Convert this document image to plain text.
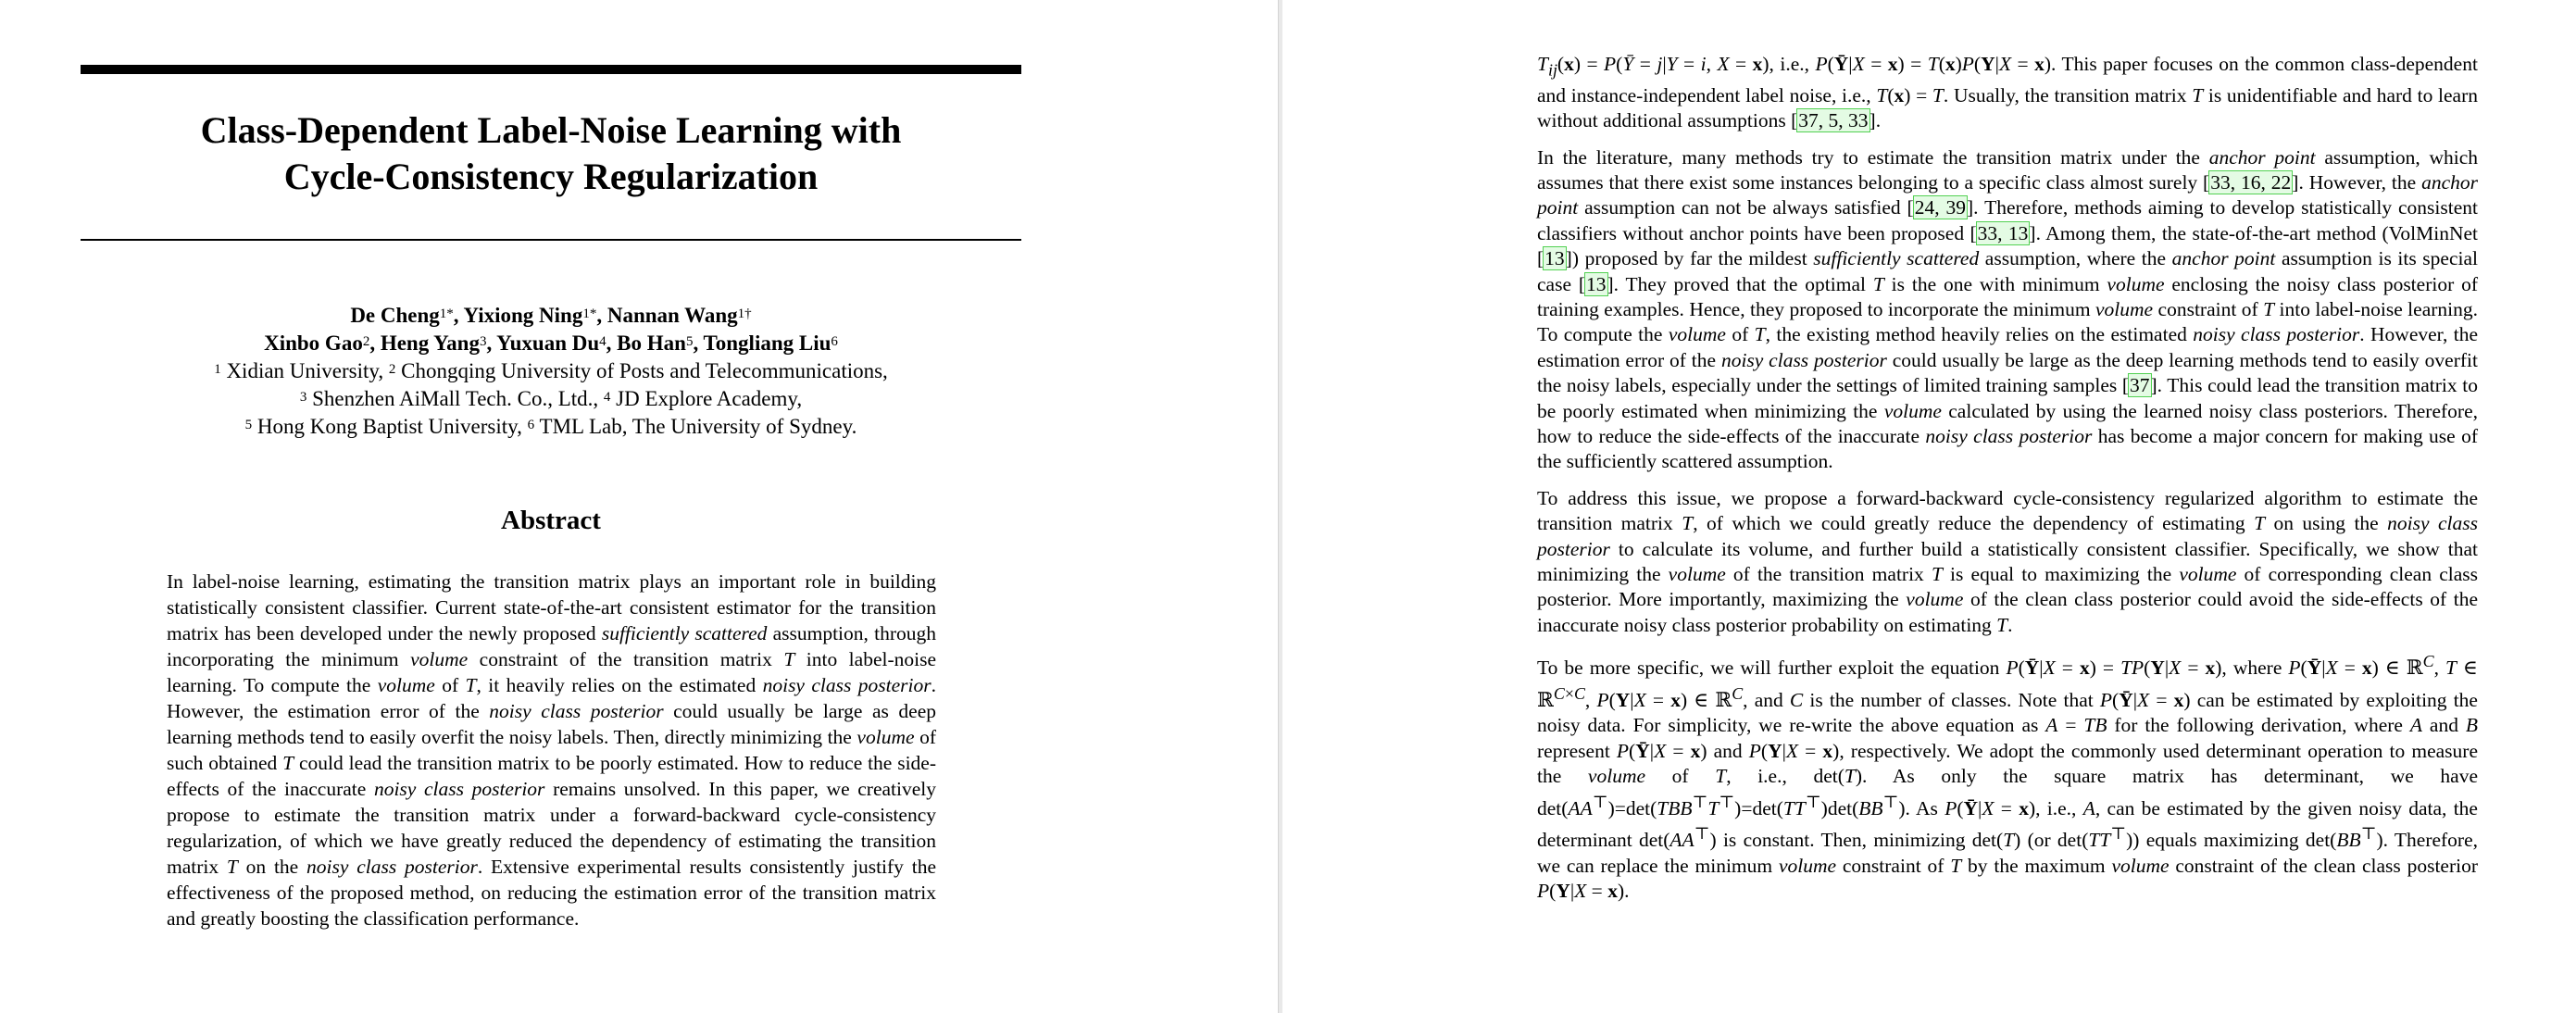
Class-Dependent Label-Noise Learning with
Cycle-Consistency Regularization
De Cheng$^{1*}$, Yixiong Ning$^{1*}$, Nannan Wang$^{1\dagger}$
Xinbo Gao$^2$, Heng Yang$^3$, Yuxuan Du$^4$, Bo Han$^5$, Tongliang Liu$^6$
$^1$ Xidian University, $^2$ Chongqing University of Posts and Telecommunications,
$^3$ Shenzhen AiMall Tech. Co., Ltd., $^4$ JD Explore Academy,
$^5$ Hong Kong Baptist University, $^6$ TML Lab, The University of Sydney.
Abstract
In label-noise learning, estimating the transition matrix plays an important role in building statistically consistent classifier. Current state-of-the-art consistent estimator for the transition matrix has been developed under the newly proposed sufficiently scattered assumption, through incorporating the minimum volume constraint of the transition matrix T into label-noise learning. To compute the volume of T, it heavily relies on the estimated noisy class posterior. However, the estimation error of the noisy class posterior could usually be large as deep learning methods tend to easily overfit the noisy labels. Then, directly minimizing the volume of such obtained T could lead the transition matrix to be poorly estimated. How to reduce the side-effects of the inaccurate noisy class posterior remains unsolved. In this paper, we creatively propose to estimate the transition matrix under a forward-backward cycle-consistency regularization, of which we have greatly reduced the dependency of estimating the transition matrix T on the noisy class posterior. Extensive experimental results consistently justify the effectiveness of the proposed method, on reducing the estimation error of the transition matrix and greatly boosting the classification performance.

$T_{ij}(x)$ = P(Ȳ = j|Y = i, X = x), i.e., P(Ȳ|X = x) = T(x)P(Y|X = x). This paper focuses on the common class-dependent and instance-independent label noise, i.e., T(x) = T. Usually, the transition matrix T is unidentifiable and hard to learn without additional assumptions [37, 5, 33].

In the literature, many methods try to estimate the transition matrix under the anchor point assumption, which assumes that there exist some instances belonging to a specific class almost surely [33, 16, 22]. However, the anchor point assumption can not be always satisfied [24, 39]. Therefore, methods aiming to develop statistically consistent classifiers without anchor points have been proposed [33, 13]. Among them, the state-of-the-art method (VolMinNet [13]) proposed by far the mildest sufficiently scattered assumption, where the anchor point assumption is its special case [13]. They proved that the optimal T is the one with minimum volume enclosing the noisy class posterior of training examples. Hence, they proposed to incorporate the minimum volume constraint of T into label-noise learning. To compute the volume of T, the existing method heavily relies on the estimated noisy class posterior. However, the estimation error of the noisy class posterior could usually be large as the deep learning methods tend to easily overfit the noisy labels, especially under the settings of limited training samples [37]. This could lead the transition matrix to be poorly estimated when minimizing the volume calculated by using the learned noisy class posteriors. Therefore, how to reduce the side-effects of the inaccurate noisy class posterior has become a major concern for making use of the sufficiently scattered assumption.

To address this issue, we propose a forward-backward cycle-consistency regularized algorithm to estimate the transition matrix T, of which we could greatly reduce the dependency of estimating T on using the noisy class posterior to calculate its volume, and further build a statistically consistent classifier. Specifically, we show that minimizing the volume of the transition matrix T is equal to maximizing the volume of corresponding clean class posterior. More importantly, maximizing the volume of the clean class posterior could avoid the side-effects of the inaccurate noisy class posterior probability on estimating T.

To be more specific, we will further exploit the equation P(Ȳ|X = x) = TP(Y|X = x), where P(Ȳ|X = x) ∈ ℝ$^C$, T ∈ ℝ$^{C\times C}$, P(Y|X = x) ∈ ℝ$^C$, and C is the number of classes. Note that P(Ȳ|X = x) can be estimated by exploiting the noisy data. For simplicity, we re-write the above equation as A = TB for the following derivation, where A and B represent P(Ȳ|X = x) and P(Y|X = x), respectively. We adopt the commonly used determinant operation to measure the volume of T, i.e., det(T). As only the square matrix has determinant, we have det(AA⊤)=det(TBB⊤T⊤)=det(TT⊤)det(BB⊤). As P(Ȳ|X = x), i.e., A, can be estimated by the given noisy data, the determinant det(AA⊤) is constant. Then, minimizing det(T) (or det(TT⊤)) equals maximizing det(BB⊤). Therefore, we can replace the minimum volume constraint of T by the maximum volume constraint of the clean class posterior P(Y|X = x).
